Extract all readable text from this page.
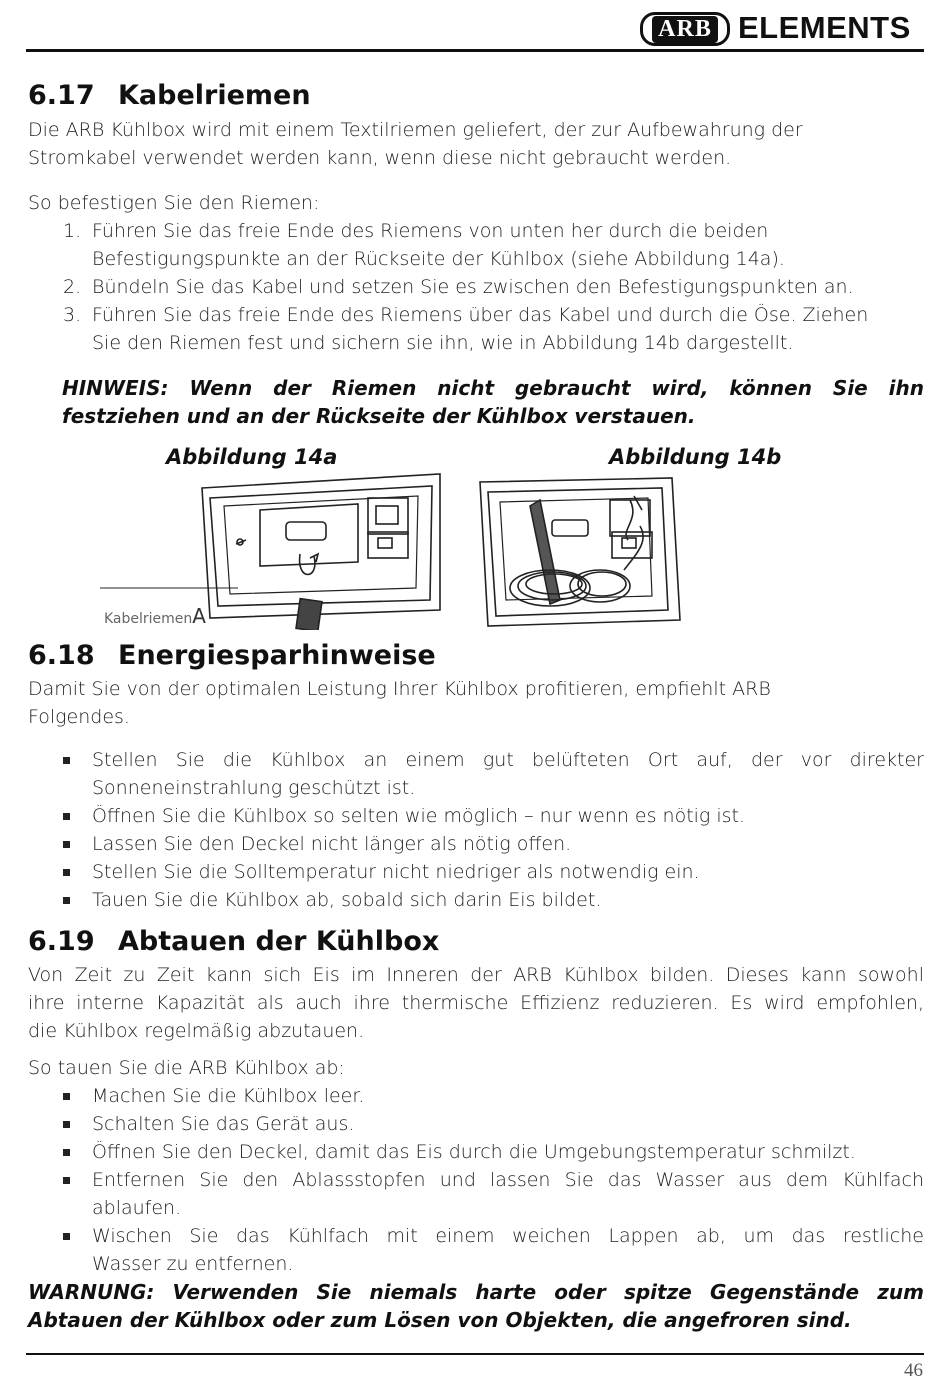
ARB ELEMENTS
6.17 Kabelriemen
Die ARB Kühlbox wird mit einem Textilriemen geliefert, der zur Aufbewahrung der
Stromkabel verwendet werden kann, wenn diese nicht gebraucht werden.
So befestigen Sie den Riemen:
1. Führen Sie das freie Ende des Riemens von unten her durch die beiden
Befestigungspunkte an der Rückseite der Kühlbox (siehe Abbildung 14a).
2. Bündeln Sie das Kabel und setzen Sie es zwischen den Befestigungspunkten an.
3. Führen Sie das freie Ende des Riemens über das Kabel und durch die Öse. Ziehen
Sie den Riemen fest und sichern sie ihn, wie in Abbildung 14b dargestellt.
HINWEIS: Wenn der Riemen nicht gebraucht wird, können Sie ihn
festziehen und an der Rückseite der Kühlbox verstauen.
Abbildung 14a	Abbildung 14b
KabelriemenA
6.18 Energiesparhinweise
Damit Sie von der optimalen Leistung Ihrer Kühlbox profitieren, empfiehlt ARB
Folgendes.
Stellen Sie die Kühlbox an einem gut belüfteten Ort auf, der vor direkter
Sonneneinstrahlung geschützt ist.
Öffnen Sie die Kühlbox so selten wie möglich – nur wenn es nötig ist.
Lassen Sie den Deckel nicht länger als nötig offen.
Stellen Sie die Solltemperatur nicht niedriger als notwendig ein.
Tauen Sie die Kühlbox ab, sobald sich darin Eis bildet.
6.19 Abtauen der Kühlbox
Von Zeit zu Zeit kann sich Eis im Inneren der ARB Kühlbox bilden. Dieses kann sowohl
ihre interne Kapazität als auch ihre thermische Effizienz reduzieren. Es wird empfohlen,
die Kühlbox regelmäßig abzutauen.
So tauen Sie die ARB Kühlbox ab:
Machen Sie die Kühlbox leer.
Schalten Sie das Gerät aus.
Öffnen Sie den Deckel, damit das Eis durch die Umgebungstemperatur schmilzt.
Entfernen Sie den Ablassstopfen und lassen Sie das Wasser aus dem Kühlfach
ablaufen.
Wischen Sie das Kühlfach mit einem weichen Lappen ab, um das restliche
Wasser zu entfernen.
WARNUNG: Verwenden Sie niemals harte oder spitze Gegenstände zum
Abtauen der Kühlbox oder zum Lösen von Objekten, die angefroren sind.
46
